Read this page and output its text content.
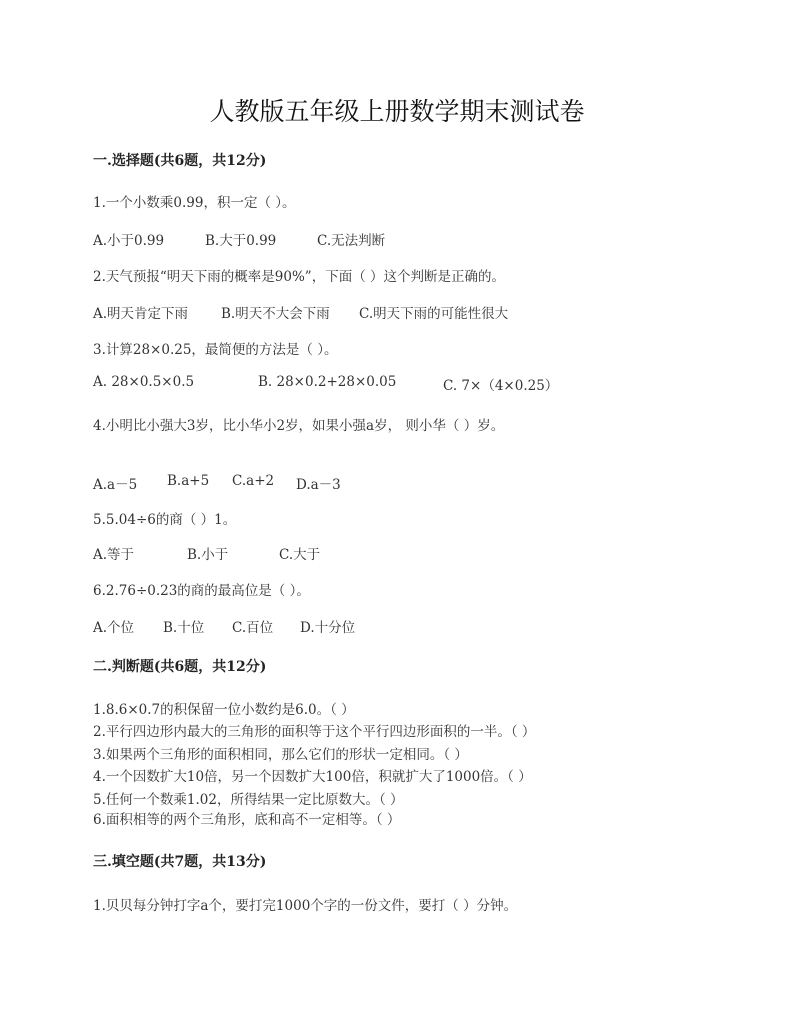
人教版五年级上册数学期末测试卷
一.选择题(共6题，共12分)
1.一个小数乘0.99，积一定（ ）。
A.小于0.99	B.大于0.99	C.无法判断
2.天气预报“明天下雨的概率是90%”，下面（ ）这个判断是正确的。
A.明天肯定下雨 B.明天不大会下雨 C.明天下雨的可能性很大
3.计算28×0.25，最简便的方法是（ ）。
A. 28×0.5×0.5	B. 28×0.2+28×0.05	C. 7×（4×0.25）
4.小明比小强大3岁，比小华小2岁，如果小强a岁， 则小华（ ）岁。
A.a－5 B.a+5 C.a+2 D.a－3
5.5.04÷6的商（ ）1。
A.等于	B.小于	C.大于
6.2.76÷0.23的商的最高位是（ ）。
A.个位 B.十位 C.百位 D.十分位
二.判断题(共6题，共12分)
1.8.6×0.7的积保留一位小数约是6.0。（ ）
2.平行四边形内最大的三角形的面积等于这个平行四边形面积的一半。（ ）
3.如果两个三角形的面积相同，那么它们的形状一定相同。（ ）
4.一个因数扩大10倍，另一个因数扩大100倍，积就扩大了1000倍。（ ）
5.任何一个数乘1.02，所得结果一定比原数大。（ ）
6.面积相等的两个三角形，底和高不一定相等。（ ）
三.填空题(共7题，共13分)
1.贝贝每分钟打字a个，要打完1000个字的一份文件，要打（ ）分钟。
